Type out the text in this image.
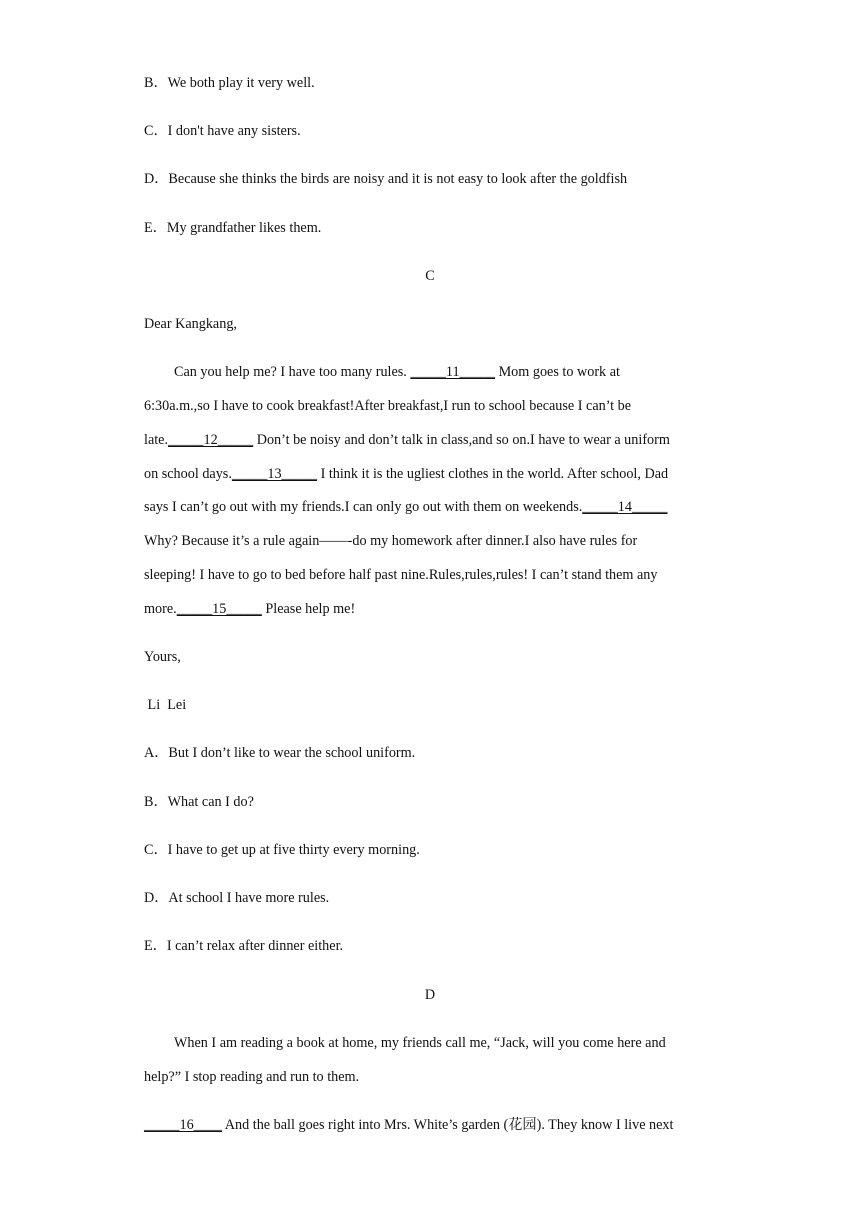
B．We both play it very well.
C．I don't have any sisters.
D．Because she thinks the birds are noisy and it is not easy to look after the goldfish
E．My grandfather likes them.
C
Dear Kangkang,
Can you help me? I have too many rules. _____11_____ Mom goes to work at
6:30a.m.,so I have to cook breakfast!After breakfast,I run to school because I can’t be
late._____12_____ Don’t be noisy and don’t talk in class,and so on.I have to wear a uniform
on school days._____13_____ I think it is the ugliest clothes in the world. After school, Dad
says I can’t go out with my friends.I can only go out with them on weekends._____14_____
Why? Because it’s a rule again——-do my homework after dinner.I also have rules for
sleeping! I have to go to bed before half past nine.Rules,rules,rules! I can’t stand them any
more._____15_____ Please help me!
Yours,
Li  Lei
A．But I don’t like to wear the school uniform.
B．What can I do?
C．I have to get up at five thirty every morning.
D．At school I have more rules.
E．I can’t relax after dinner either.
D
When I am reading a book at home, my friends call me, “Jack, will you come here and
help?” I stop reading and run to them.
_____16____ And the ball goes right into Mrs. White’s garden (花园). They know I live next
